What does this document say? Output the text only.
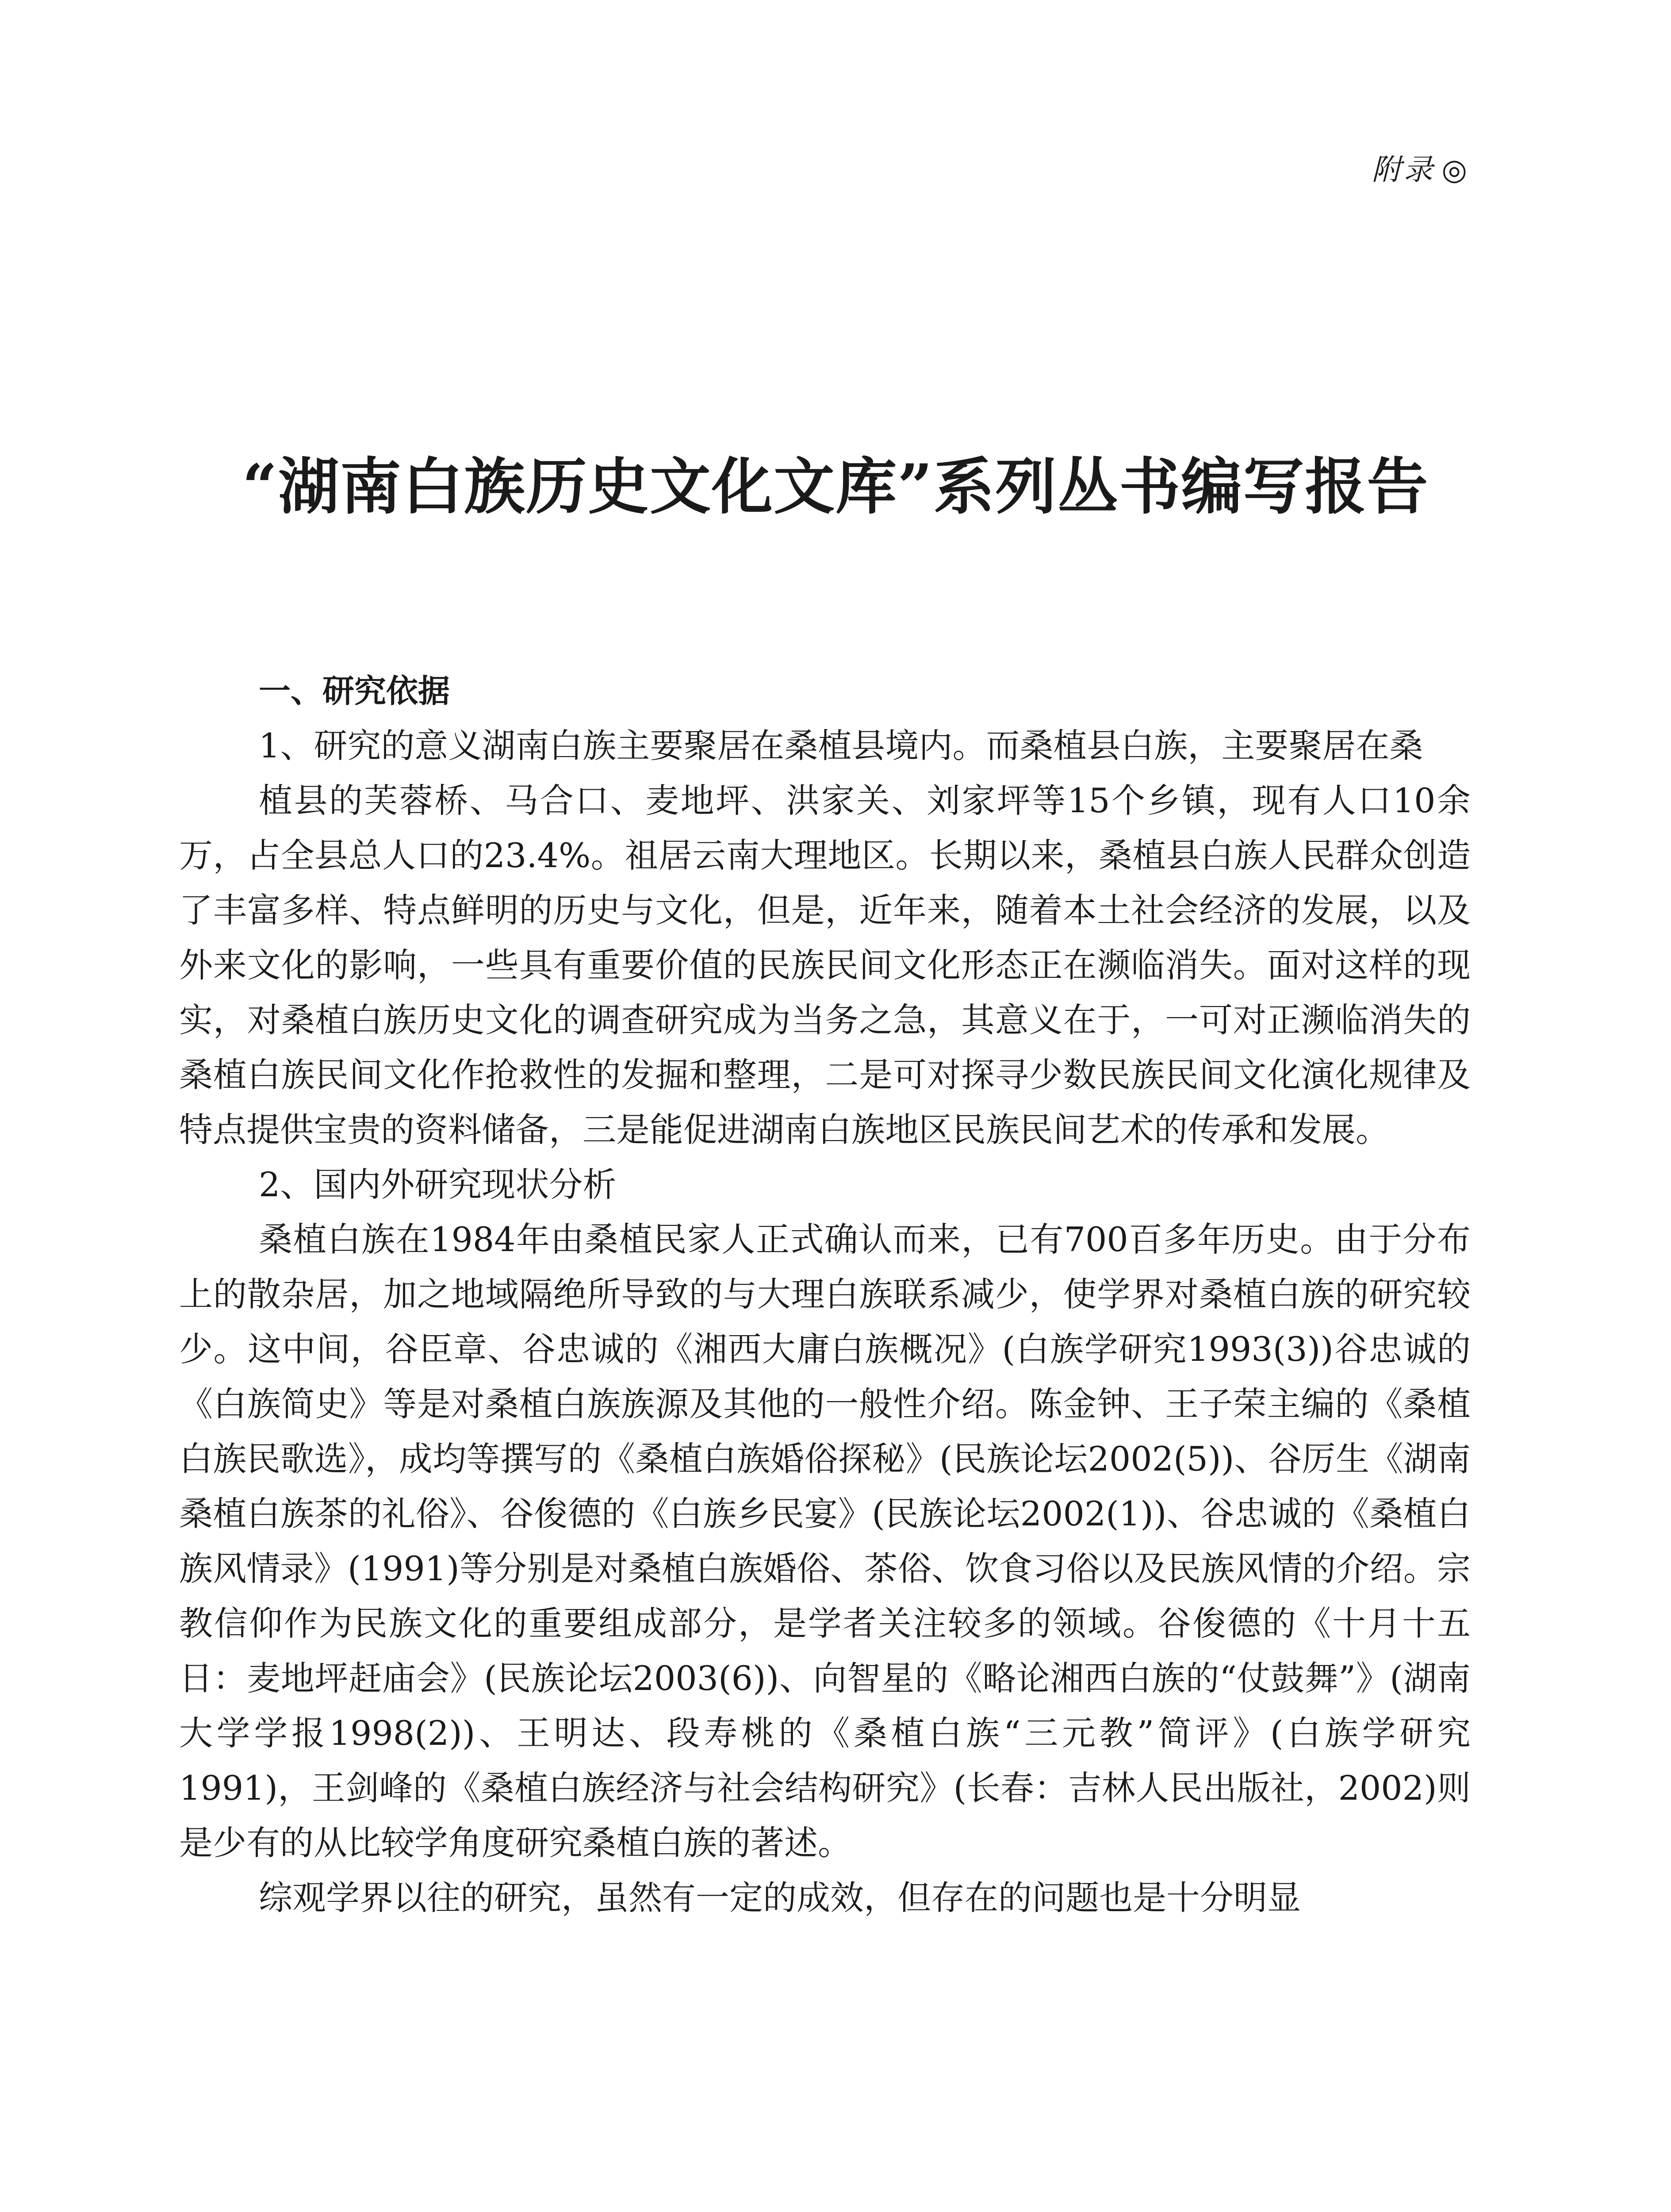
附录 ◎
“湖南白族历史文化文库”系列丛书编写报告

一、研究依据

1、研究的意义湖南白族主要聚居在桑植县境内。而桑植县白族，主要聚居在桑

植县的芙蓉桥、马合口、麦地坪、洪家关、刘家坪等15个乡镇，现有人口10余万，占全县总人口的23.4%。祖居云南大理地区。长期以来，桑植县白族人民群众创造了丰富多样、特点鲜明的历史与文化，但是，近年来，随着本土社会经济的发展，以及外来文化的影响，一些具有重要价值的民族民间文化形态正在濒临消失。面对这样的现实，对桑植白族历史文化的调查研究成为当务之急，其意义在于，一可对正濒临消失的桑植白族民间文化作抢救性的发掘和整理，二是可对探寻少数民族民间文化演化规律及特点提供宝贵的资料储备，三是能促进湖南白族地区民族民间艺术的传承和发展。

2、国内外研究现状分析

桑植白族在1984年由桑植民家人正式确认而来，已有700百多年历史。由于分布上的散杂居，加之地域隔绝所导致的与大理白族联系减少，使学界对桑植白族的研究较少。这中间，谷臣章、谷忠诚的《湘西大庸白族概况》(白族学研究1993(3))谷忠诚的《白族简史》等是对桑植白族族源及其他的一般性介绍。陈金钟、王子荣主编的《桑植白族民歌选》，成均等撰写的《桑植白族婚俗探秘》(民族论坛2002(5))、谷厉生《湖南桑植白族茶的礼俗》、谷俊德的《白族乡民宴》(民族论坛2002(1))、谷忠诚的《桑植白族风情录》(1991)等分别是对桑植白族婚俗、茶俗、饮食习俗以及民族风情的介绍。宗教信仰作为民族文化的重要组成部分，是学者关注较多的领域。谷俊德的《十月十五日：麦地坪赶庙会》(民族论坛2003(6))、向智星的《略论湘西白族的“仗鼓舞”》(湖南大学学报1998(2))、王明达、段寿桃的《桑植白族“三元教”简评》(白族学研究1991)，王剑峰的《桑植白族经济与社会结构研究》(长春：吉林人民出版社，2002)则是少有的从比较学角度研究桑植白族的著述。

综观学界以往的研究，虽然有一定的成效，但存在的问题也是十分明显
